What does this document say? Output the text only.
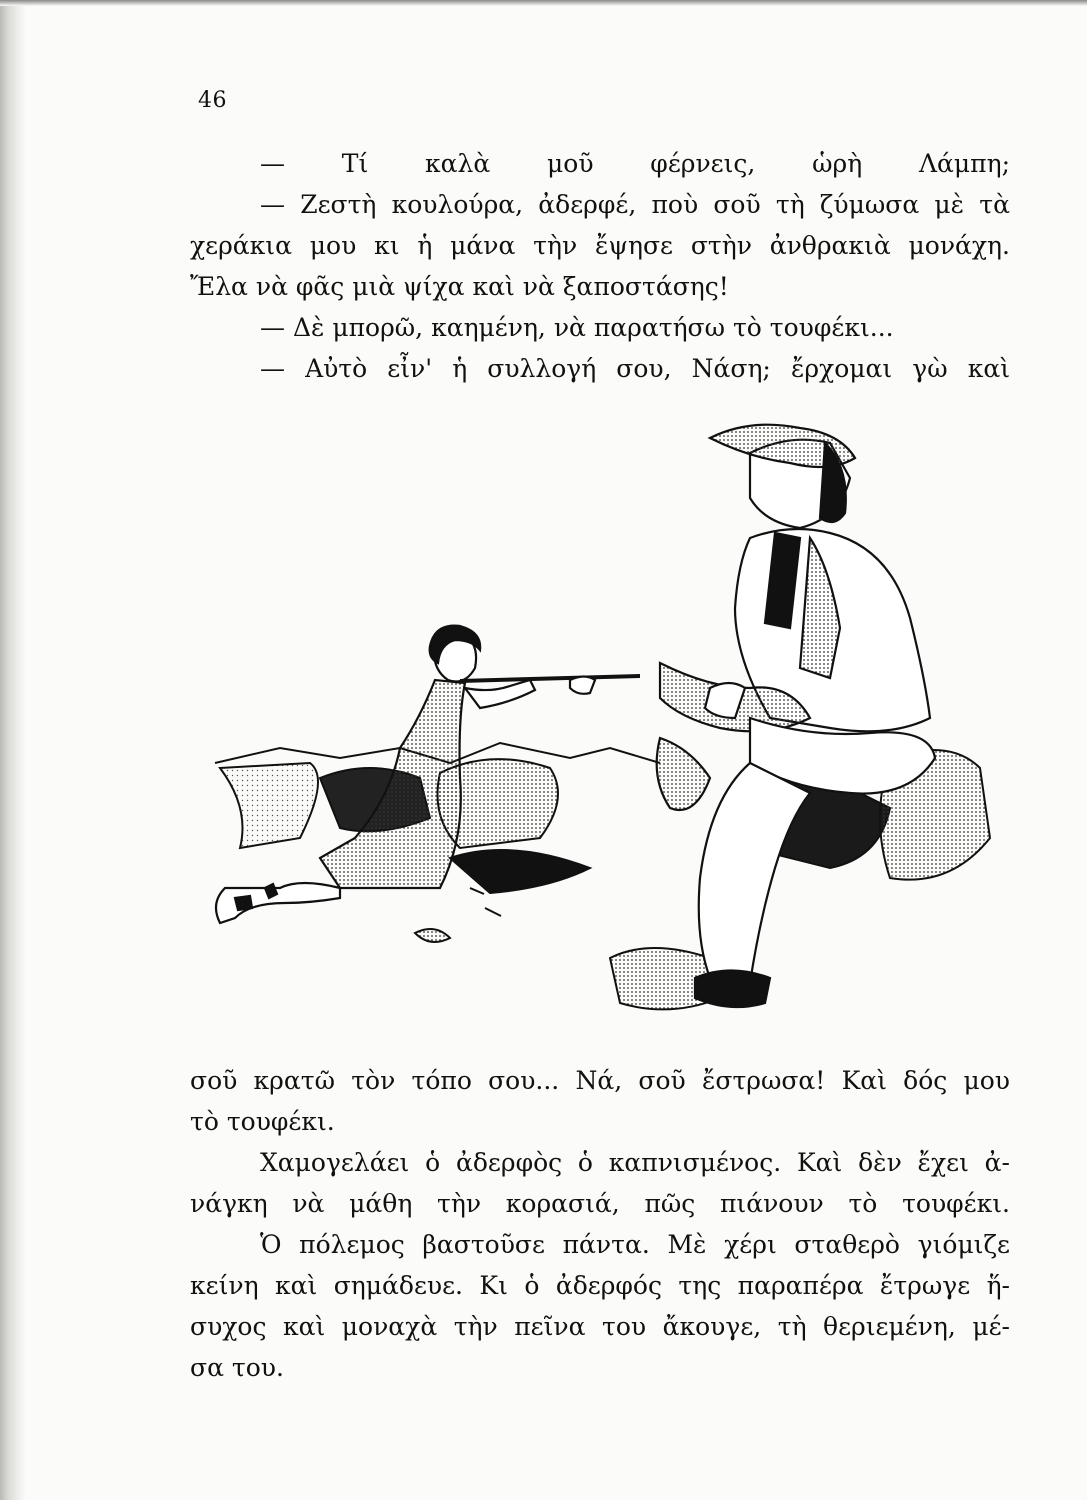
46
— Τί καλὰ μοῦ φέρνεις, ὡρὴ Λάμπη;
— Ζεστὴ κουλούρα, ἀδερφέ, ποὺ σοῦ τὴ ζύμωσα μὲ τὰ
χεράκια μου κι ἡ μάνα τὴν ἔψησε στὴν ἀνθρακιὰ μονάχη.
Ἔλα νὰ φᾶς μιὰ ψίχα καὶ νὰ ξαποστάσης!
— Δὲ μπορῶ, καημένη, νὰ παρατήσω τὸ τουφέκι...
— Αὐτὸ εἶν' ἡ συλλογή σου, Νάση; ἔρχομαι γὼ καὶ
σοῦ κρατῶ τὸν τόπο σου... Νά, σοῦ ἔστρωσα! Καὶ δός μου
τὸ τουφέκι.
Χαμογελάει ὁ ἀδερφὸς ὁ καπνισμένος. Καὶ δὲν ἔχει ἀ-
νάγκη νὰ μάθη τὴν κορασιά, πῶς πιάνουν τὸ τουφέκι.
Ὁ πόλεμος βαστοῦσε πάντα. Μὲ χέρι σταθερὸ γιόμιζε
κείνη καὶ σημάδευε. Κι ὁ ἀδερφός της παραπέρα ἔτρωγε ἥ-
συχος καὶ μοναχὰ τὴν πεῖνα του ἄκουγε, τὴ θεριεμένη, μέ-
σα του.
